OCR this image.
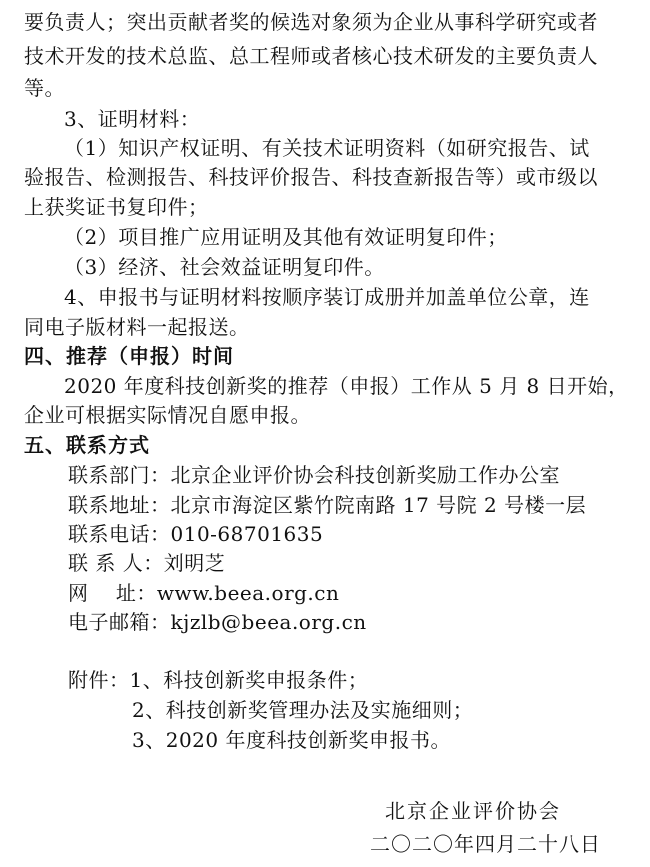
要负责人；突出贡献者奖的候选对象须为企业从事科学研究或者
技术开发的技术总监、总工程师或者核心技术研发的主要负责人
等。
3、证明材料：
（1）知识产权证明、有关技术证明资料（如研究报告、试
验报告、检测报告、科技评价报告、科技查新报告等）或市级以
上获奖证书复印件；
（2）项目推广应用证明及其他有效证明复印件；
（3）经济、社会效益证明复印件。
4、申报书与证明材料按顺序装订成册并加盖单位公章，连
同电子版材料一起报送。
四、推荐（申报）时间
2020 年度科技创新奖的推荐（申报）工作从 5 月 8 日开始，
企业可根据实际情况自愿申报。
五、联系方式
联系部门：北京企业评价协会科技创新奖励工作办公室
联系地址：北京市海淀区紫竹院南路 17 号院 2 号楼一层
联系电话：010-68701635
联 系 人：刘明芝
网    址：www.beea.org.cn
电子邮箱：kjzlb@beea.org.cn
附件：1、科技创新奖申报条件；
2、科技创新奖管理办法及实施细则；
3、2020 年度科技创新奖申报书。
北京企业评价协会
二〇二〇年四月二十八日
